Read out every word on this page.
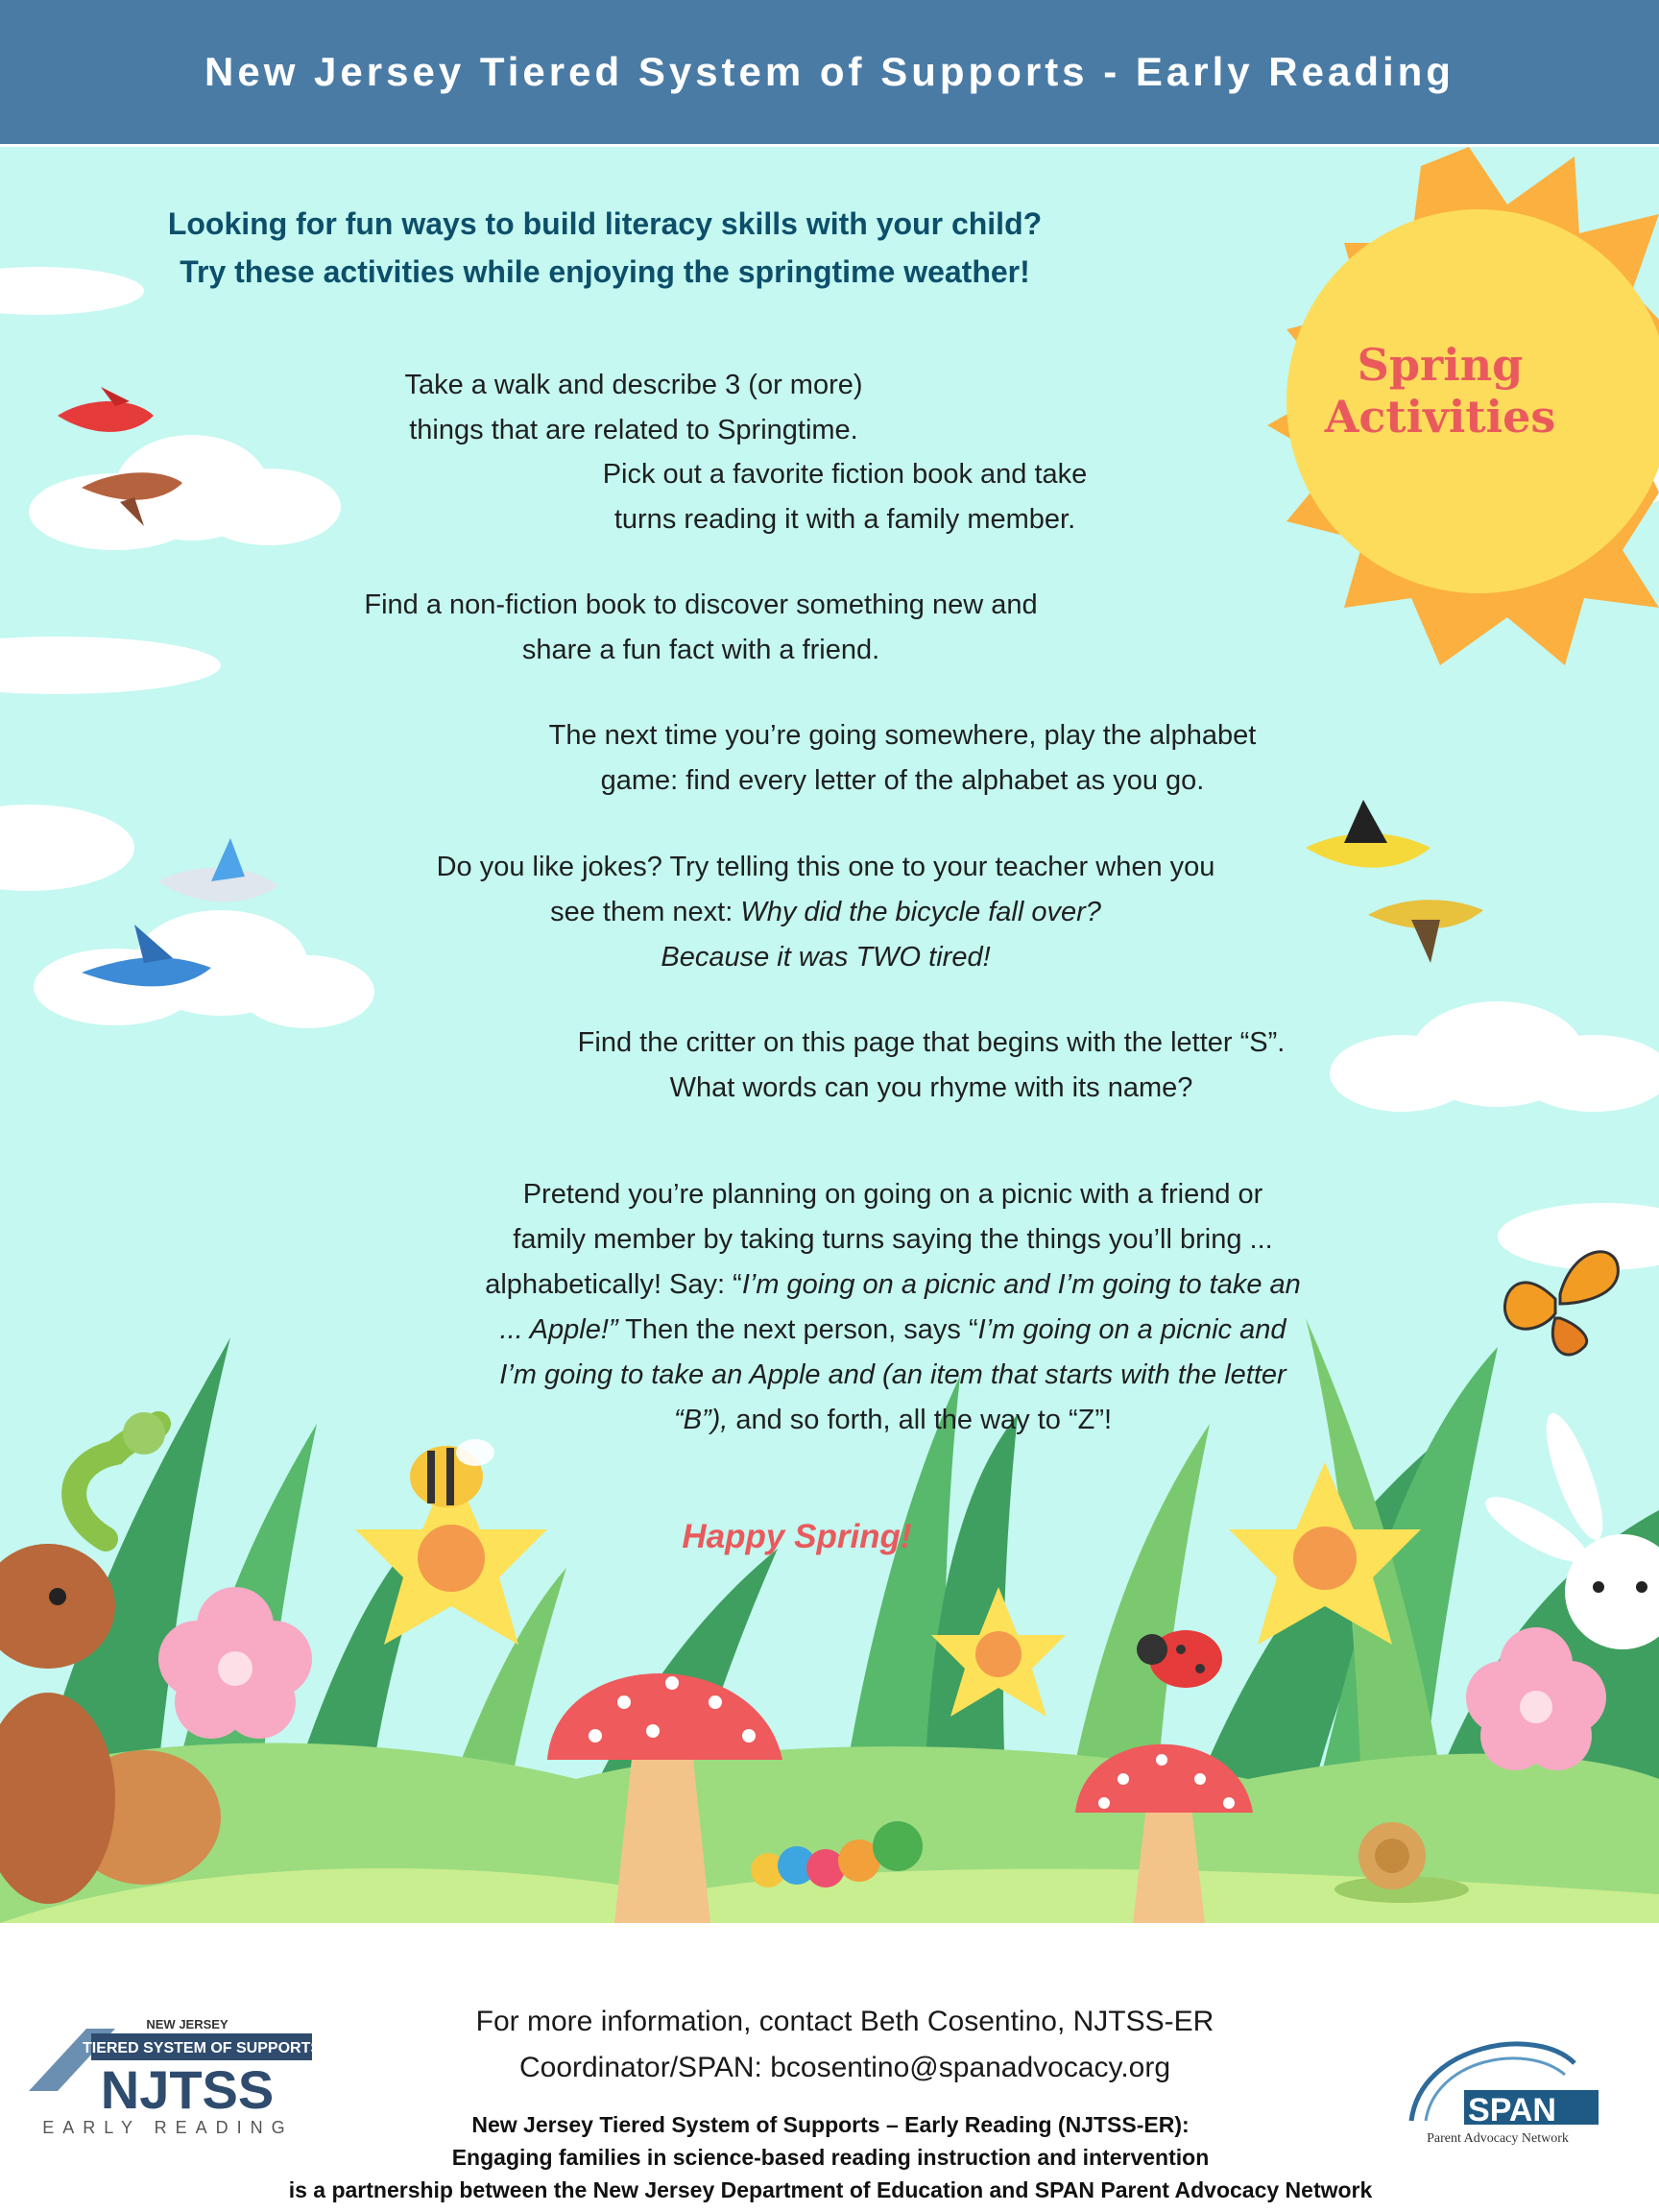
New Jersey Tiered System of Supports - Early Reading
Looking for fun ways to build literacy skills with your child?
Try these activities while enjoying the springtime weather!
Spring Activities

Take a walk and describe 3 (or more)
things that are related to Springtime.

Pick out a favorite fiction book and take
turns reading it with a family member.

Find a non-fiction book to discover something new and
share a fun fact with a friend.

The next time you’re going somewhere, play the alphabet
game: find every letter of the alphabet as you go.

Do you like jokes? Try telling this one to your teacher when you
see them next: Why did the bicycle fall over?
Because it was TWO tired!

Find the critter on this page that begins with the letter “S”.
What words can you rhyme with its name?

Pretend you’re planning on going on a picnic with a friend or
family member by taking turns saying the things you’ll bring ...
alphabetically! Say: “I’m going on a picnic and I’m going to take an
... Apple!” Then the next person, says “I’m going on a picnic and
I’m going to take an Apple and (an item that starts with the letter
“B”), and so forth, all the way to “Z”!

Happy Spring!
NEW JERSEY
TIERED SYSTEM OF SUPPORTS
NJTSS
EARLY READING	SPAN
Parent Advocacy Network
For more information, contact Beth Cosentino, NJTSS-ER
Coordinator/SPAN: bcosentino@spanadvocacy.org
New Jersey Tiered System of Supports – Early Reading (NJTSS-ER):
Engaging families in science-based reading instruction and intervention
is a partnership between the New Jersey Department of Education and SPAN Parent Advocacy Network
